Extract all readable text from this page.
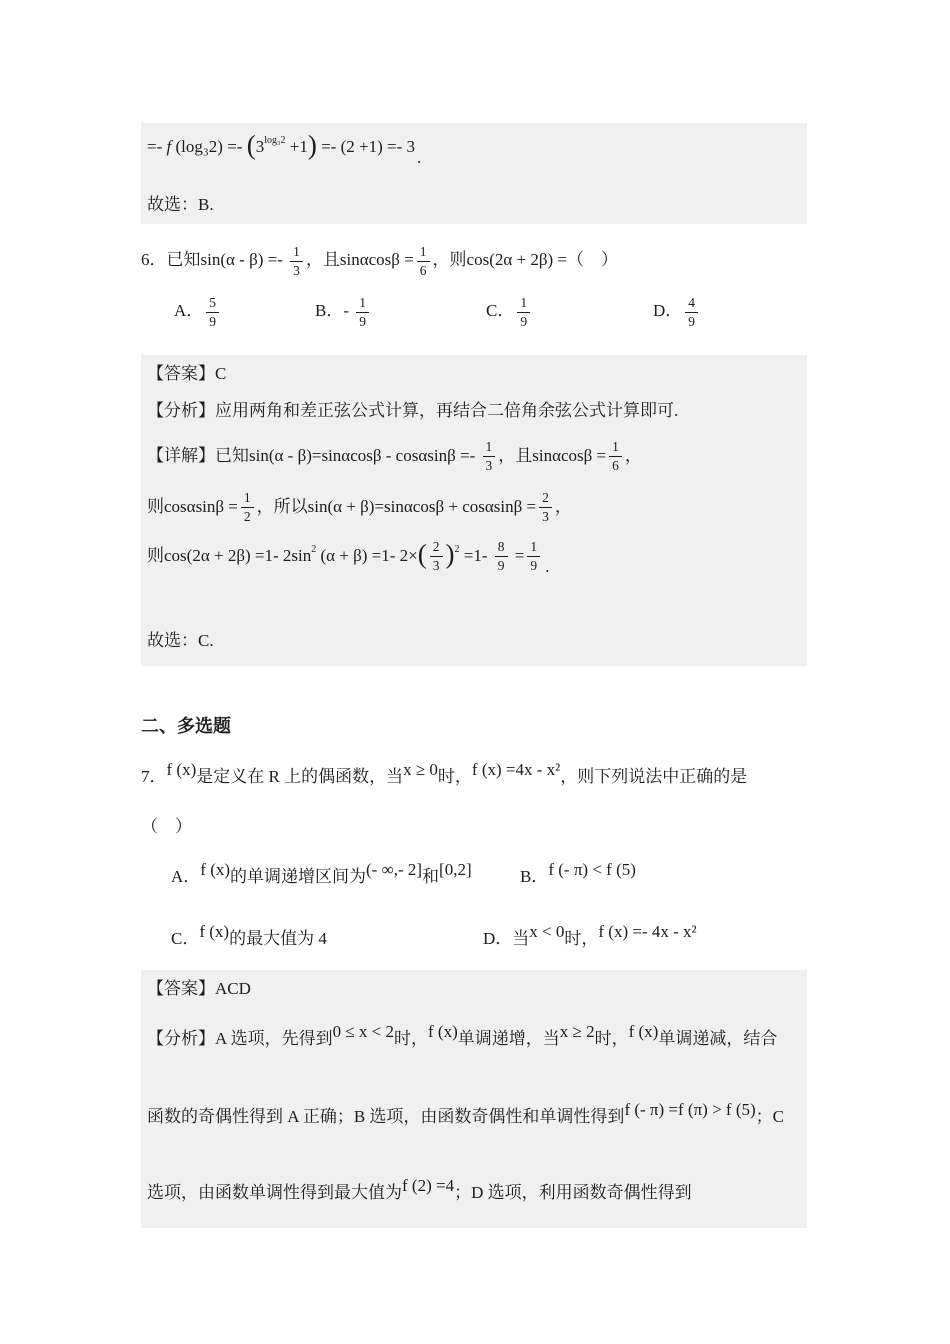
=- f $(\log_32) =- (3^{log_32} +1) =- (2 +1) =- 3$.
故选：B.
6．已知$\sin(\alpha - \beta) =- \frac{1}{3}$ ，且$\sin\alpha\cos\beta = \frac{1}{6}$ ，则cos(2α + 2β) =（　）
A． $\frac{5}{9}$	B．- $\frac{1}{9}$	C． $\frac{1}{9}$	D． $\frac{4}{9}$
【答案】C
【分析】应用两角和差正弦公式计算，再结合二倍角余弦公式计算即可.
【详解】已知$\sin(\alpha - \beta)=\sin\alpha\cos\beta - \cos\alpha\sin\beta =- \frac{1}{3}$ ，且$\sin\alpha\cos\beta = \frac{1}{6}$ ，
则$\cos\alpha\sin\beta = \frac{1}{2}$ ，所以$\sin(\alpha + \beta)=\sin\alpha\cos\beta + \cos\alpha\sin\beta = \frac{2}{3}$ ，
则cos(2α + 2β) =1- $2\sin^2$ (α + β) =1- $2\times( \frac{2}{3} )^2 =1- \frac{8}{9} = \frac{1}{9}$ .
故选：C.
二、多选题
7．f (x)是定义在 R 上的偶函数，当x ≥ 0时，f (x) =4x - x²，则下列说法中正确的是
（　）
A．f (x)的单调递增区间为(- ∞,- 2]和[0,2]	B．f (- π) < f (5)
C．f (x)的最大值为 4	D．当x < 0时，f (x) =- 4x - x²
【答案】ACD
【分析】A 选项，先得到0 ≤ x < 2时，f (x)单调递增，当x ≥ 2时，f (x)单调递减，结合
函数的奇偶性得到 A 正确；B 选项，由函数奇偶性和单调性得到f (- π) =f (π) > f (5)；C
选项，由函数单调性得到最大值为f (2) =4；D 选项，利用函数奇偶性得到
